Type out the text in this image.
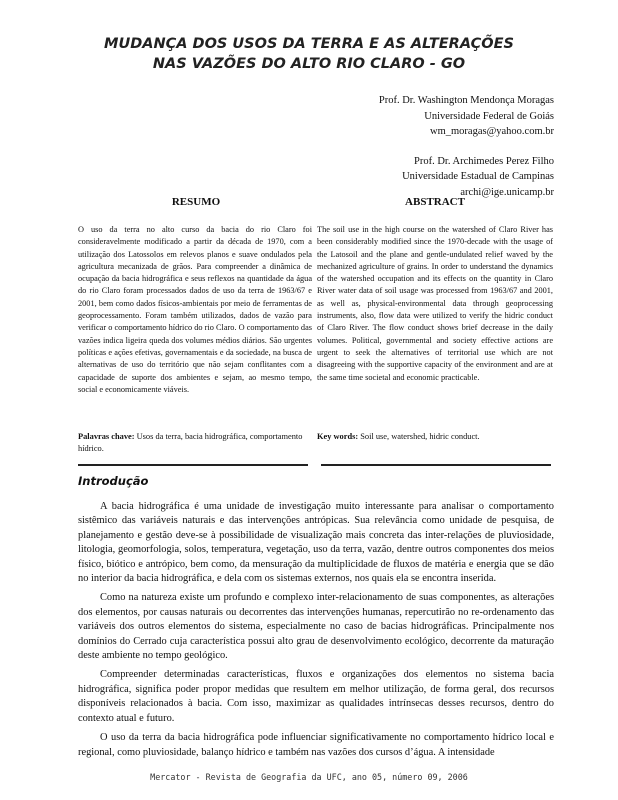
MUDANÇA DOS USOS DA TERRA E AS ALTERAÇÕES
NAS VAZÕES DO ALTO RIO CLARO - GO
Prof. Dr. Washington Mendonça Moragas
Universidade Federal de Goiás
wm_moragas@yahoo.com.br
Prof. Dr. Archimedes Perez Filho
Universidade Estadual de Campinas
archi@ige.unicamp.br
RESUMO	ABSTRACT
O uso da terra no alto curso da bacia do rio Claro foi consideravelmente modificado a partir da década de 1970, com a utilização dos Latossolos em relevos planos e suave ondulados pela agricultura mecanizada de grãos. Para compreender a dinâmica de ocupação da bacia hidrográfica e seus reflexos na quantidade da água do rio Claro foram processados dados de uso da terra de 1963/67 e 2001, bem como dados físicos-ambientais por meio de ferramentas de geoprocessamento. Foram também utilizados, dados de vazão para verificar o comportamento hídrico do rio Claro. O comportamento das vazões indica ligeira queda dos volumes médios diários. São urgentes políticas e ações efetivas, governamentais e da sociedade, na busca de alternativas de uso do território que não sejam conflitantes com a capacidade de suporte dos ambientes e sejam, ao mesmo tempo, social e economicamente viáveis.
The soil use in the high course on the watershed of Claro River has been considerably modified since the 1970-decade with the usage of the Latosoil and the plane and gentle-undulated relief waved by the mechanized agriculture of grains. In order to understand the dynamics of the watershed occupation and its effects on the quantity in Claro River water data of soil usage was processed from 1963/67 and 2001, as well as, physical-environmental data through geoprocessing instruments, also, flow data were utilized to verify the hidric conduct of Claro River. The flow conduct shows brief decrease in the daily volumes. Political, governmental and society effective actions are urgent to seek the alternatives of territorial use which are not disagreeing with the supportive capacity of the environment and are at the same time societal and economic practicable.
Palavras chave: Usos da terra, bacia hidrográfica, comportamento hídrico.
Key words: Soil use, watershed, hidric conduct.
Introdução

A bacia hidrográfica é uma unidade de investigação muito interessante para analisar o comportamento sistêmico das variáveis naturais e das intervenções antrópicas. Sua relevância como unidade de pesquisa, de planejamento e gestão deve-se à possibilidade de visualização mais concreta das inter-relações de pluviosidade, litologia, geomorfologia, solos, temperatura, vegetação, uso da terra, vazão, dentre outros componentes dos meios físico, biótico e antrópico, bem como, da mensuração da multiplicidade de fluxos de matéria e energia que se dão no interior da bacia hidrográfica, e dela com os sistemas externos, nos quais ela se encontra inserida.

Como na natureza existe um profundo e complexo inter-relacionamento de suas componentes, as alterações dos elementos, por causas naturais ou decorrentes das intervenções humanas, repercutirão no re-ordenamento das variáveis dos outros elementos do sistema, especialmente no caso de bacias hidrográficas. Principalmente nos domínios do Cerrado cuja característica possui alto grau de desenvolvimento ecológico, decorrente da maturação deste ambiente no tempo geológico.

Compreender determinadas características, fluxos e organizações dos elementos no sistema bacia hidrográfica, significa poder propor medidas que resultem em melhor utilização, de forma geral, dos recursos disponíveis relacionados à bacia. Com isso, maximizar as qualidades intrínsecas desses recursos, dentro do contexto atual e futuro.

O uso da terra da bacia hidrográfica pode influenciar significativamente no comportamento hídrico local e regional, como pluviosidade, balanço hídrico e também nas vazões dos cursos d’água. A intensidade

Mercator - Revista de Geografia da UFC, ano 05, número 09, 2006
